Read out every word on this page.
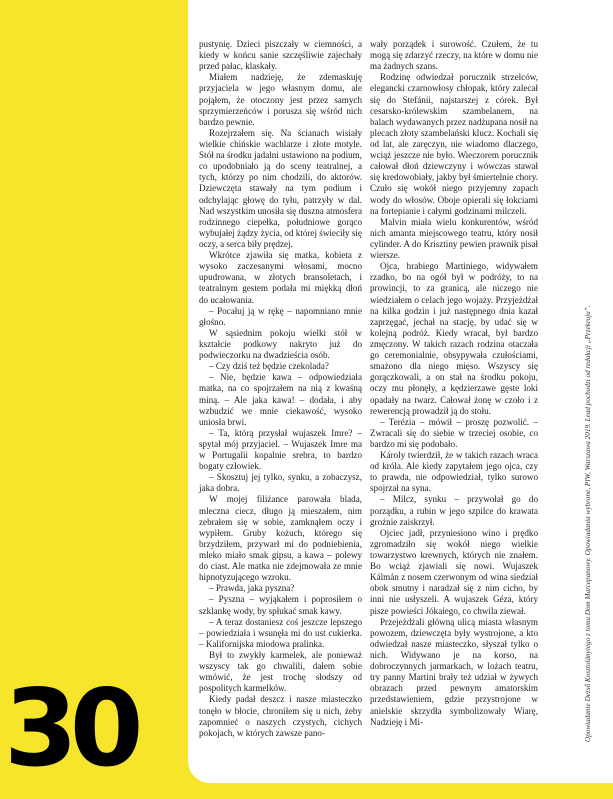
pustynię. Dzieci piszczały w ciemności, a kiedy w końcu sanie szczęśliwie zajechały przed pałac, klaskały.

Miałem nadzieję, że zdemaskuję przyjaciela w jego własnym domu, ale pojąłem, że otoczony jest przez samych sprzymierzeńców i porusza się wśród nich bardzo pewnie.

Rozejrzałem się. Na ścianach wisiały wielkie chińskie wachlarze i złote motyle. Stół na środku jadalni ustawiono na podium, co upodobniało ją do sceny teatralnej, a tych, którzy po nim chodzili, do aktorów. Dziewczęta stawały na tym podium i odchylając głowę do tyłu, patrzyły w dal. Nad wszystkim unosiła się duszna atmosfera rodzinnego ciepełka, południowe gorąco wybujałej żądzy życia, od której świeciły się oczy, a serca biły prędzej.

Wkrótce zjawiła się matka, kobieta z wysoko zaczesanymi włosami, mocno upudrowana, w złotych bransoletach, i teatralnym gestem podała mi miękką dłoń do ucałowania.

– Pocałuj ją w rękę – napomniano mnie głośno.

W sąsiednim pokoju wielki stół w kształcie podkowy nakryto już do podwieczorku na dwadzieścia osób.

– Czy dziś też będzie czekolada?

– Nie, będzie kawa – odpowiedziała matka, na co spojrzałem na nią z kwaśną miną. – Ale jaka kawa! – dodała, i aby wzbudzić we mnie ciekawość, wysoko uniosła brwi.

– Ta, którą przysłał wujaszek Imre? – spytał mój przyjaciel. – Wujaszek Imre ma w Portugalii kopalnie srebra, to bardzo bogaty człowiek.

– Skosztuj jej tylko, synku, a zobaczysz, jaka dobra.

W mojej filiżance parowała blada, mleczna ciecz, długo ją mieszałem, nim zebrałem się w sobie, zamknąłem oczy i wypiłem. Gruby kożuch, którego się brzydziłem, przywarł mi do podniebienia, mleko miało smak gipsu, a kawa – polewy do ciast. Ale matka nie zdejmowała ze mnie hipnotyzującego wzroku.

– Prawda, jaka pyszna?

– Pyszna – wyjąkałem i poprosiłem o szklankę wody, by spłukać smak kawy.

– A teraz dostaniesz coś jeszcze lepszego – powiedziała i wsunęła mi do ust cukierka. – Kalifornijska miodowa pralinka.

Był to zwykły karmelek, ale ponieważ wszyscy tak go chwalili, dałem sobie wmówić, że jest trochę słodszy od pospolitych karmelków.

Kiedy padał deszcz i nasze miasteczko tonęło w błocie, chroniłem się u nich, żeby zapomnieć o naszych czystych, cichych pokojach, w których zawsze pano-

wały porządek i surowość. Czułem, że tu mogą się zdarzyć rzeczy, na które w domu nie ma żadnych szans.

Rodzinę odwiedzał porucznik strzelców, elegancki czarnowłosy chłopak, który zalecał się do Stefánii, najstarszej z córek. Był cesarsko-królewskim szambelanem, na balach wydawanych przez nadżupana nosił na plecach złoty szambelański klucz. Kochali się od lat, ale zaręczyn, nie wiadomo dlaczego, wciąż jeszcze nie było. Wieczorem porucznik całował dłoń dziewczyny i wówczas stawał się kredowobiały, jakby był śmiertelnie chory. Czuło się wokół niego przyjemny zapach wody do włosów. Oboje opierali się łokciami na fortepianie i całymi godzinami milczeli.

Malvin miała wielu konkurentów, wśród nich amanta miejscowego teatru, który nosił cylinder. A do Krisztiny pewien prawnik pisał wiersze.

Ojca, hrabiego Martiniego, widywałem rzadko, bo na ogół był w podróży, to na prowincji, to za granicą, ale niczego nie wiedziałem o celach jego wojaży. Przyjeżdżał na kilka godzin i już następnego dnia kazał zaprzęgać, jechał na stację, by udać się w kolejną podróż. Kiedy wracał, był bardzo zmęczony. W takich razach rodzina otaczała go ceremonialnie, obsypywała czułościami, smażono dla niego mięso. Wszyscy się gorączkowali, a on stał na środku pokoju, oczy mu płonęły, a kędzierzawe gęste loki opadały na twarz. Całował żonę w czoło i z rewerencją prowadził ją do stołu.

– Terézia – mówił – proszę pozwolić. – Zwracali się do siebie w trzeciej osobie, co bardzo mi się podobało.

Károly twierdził, że w takich razach wraca od króla. Ale kiedy zapytałem jego ojca, czy to prawda, nie odpowiedział, tylko surowo spojrzał na syna.

– Milcz, synku – przywołał go do porządku, a rubin w jego szpilce do krawata groźnie zaiskrzył.

Ojciec jadł, przyniesiono wino i prędko zgromadziło się wokół niego wielkie towarzystwo krewnych, których nie znałem. Bo wciąż zjawiali się nowi. Wujaszek Kálmán z nosem czerwonym od wina siedział obok smutny i naradzał się z nim cicho, by inni nie usłyszeli. A wujaszek Géza, który pisze powieści Jókaiego, co chwila ziewał.

Przejeżdżali główną ulicą miasta własnym powozem, dziewczęta były wystrojone, a kto odwiedzał nasze miasteczko, słyszał tylko o nich. Widywano je na korso, na dobroczynnych jarmarkach, w lożach teatru, try panny Martini brały też udział w żywych obrazach przed pewnym amatorskim przedstawieniem, gdzie przystrojone w anielskie skrzydła symbolizowały Wiarę, Nadzieję i Mi-	Opowiadanie Dezső Kosztolányiego z tomu Dom Marcepanowy. Opowiadania wybrane, PIW, Warszawa 2019. Lead pochodzi od redakcji „Przekroju”.
30
